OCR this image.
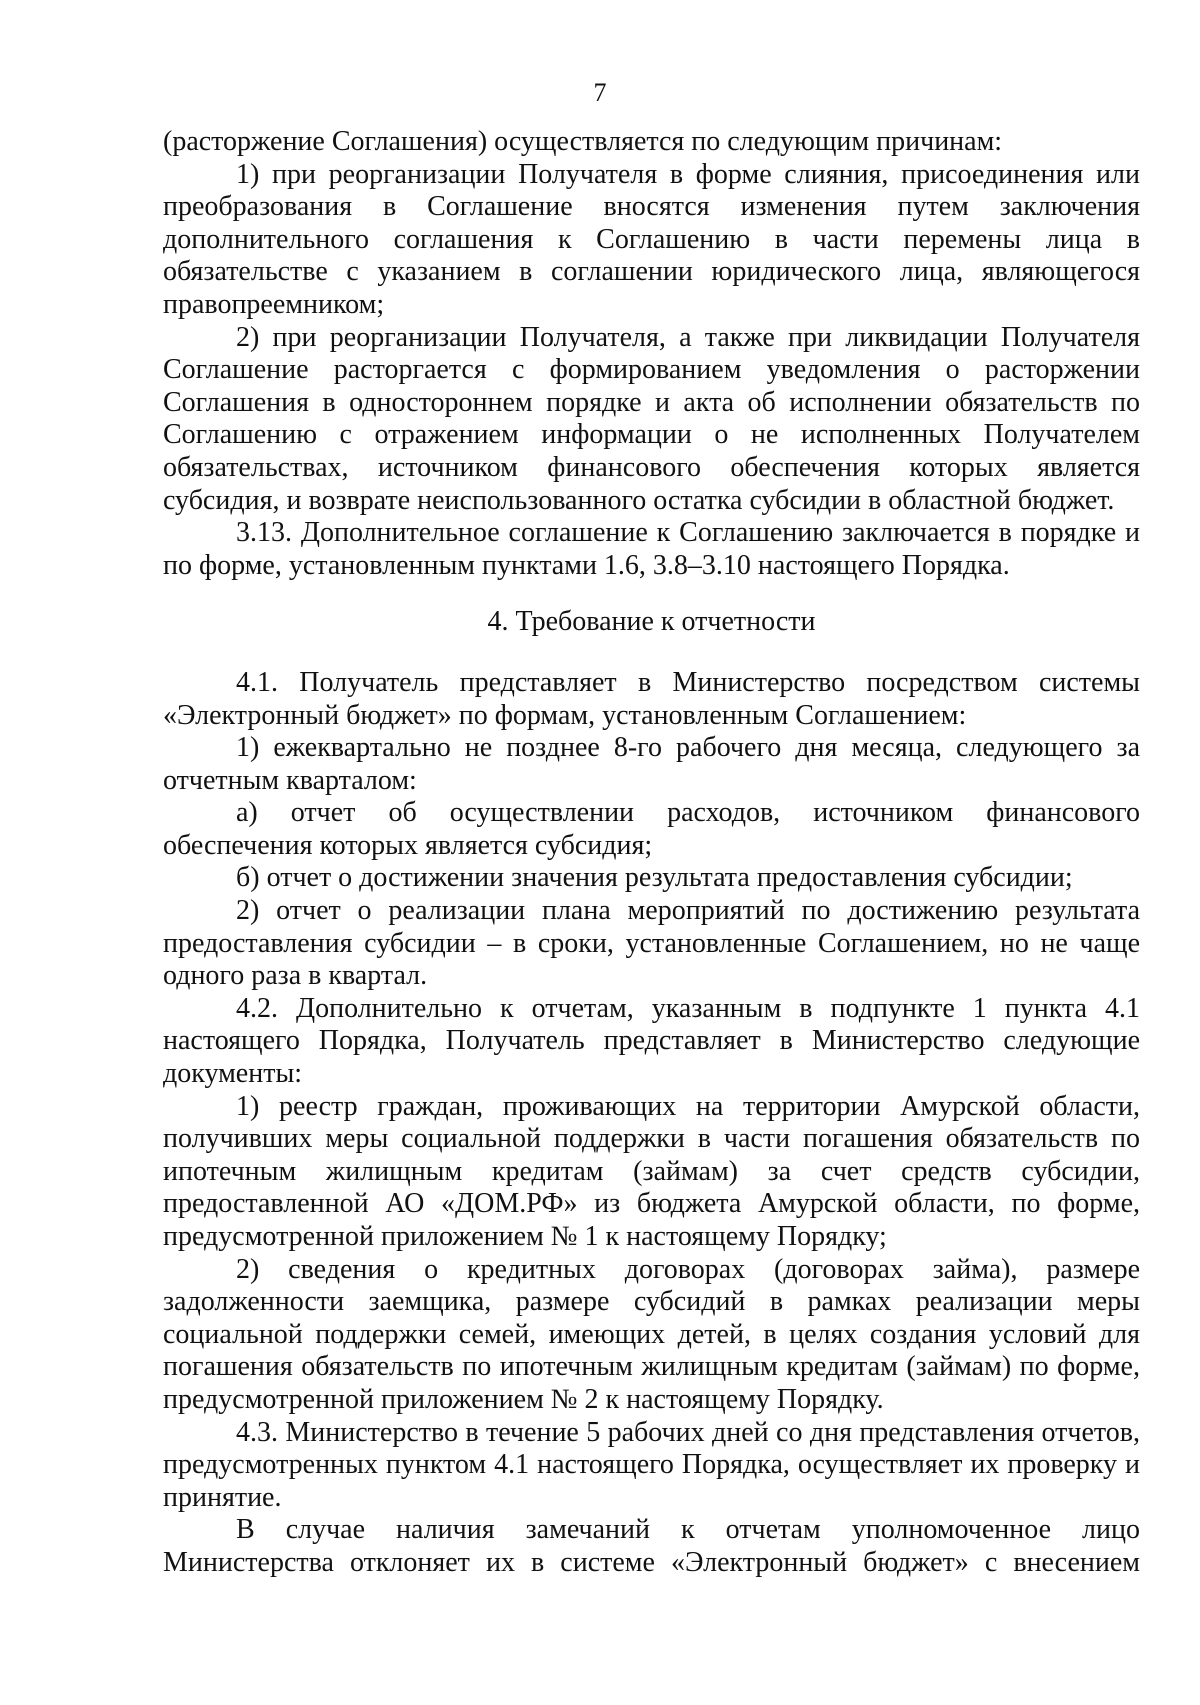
7

(расторжение Соглашения) осуществляется по следующим причинам:

1) при реорганизации Получателя в форме слияния, присоединения или преобразования в Соглашение вносятся изменения путем заключения дополнительного соглашения к Соглашению в части перемены лица в обязательстве с указанием в соглашении юридического лица, являющегося правопреемником;

2) при реорганизации Получателя, а также при ликвидации Получателя Соглашение расторгается с формированием уведомления о расторжении Соглашения в одностороннем порядке и акта об исполнении обязательств по Соглашению с отражением информации о не исполненных Получателем обязательствах, источником финансового обеспечения которых является субсидия, и возврате неиспользованного остатка субсидии в областной бюджет.

3.13. Дополнительное соглашение к Соглашению заключается в порядке и по форме, установленным пунктами 1.6, 3.8–3.10 настоящего Порядка.

4. Требование к отчетности

4.1. Получатель представляет в Министерство посредством системы «Электронный бюджет» по формам, установленным Соглашением:

1) ежеквартально не позднее 8-го рабочего дня месяца, следующего за отчетным кварталом:

а) отчет об осуществлении расходов, источником финансового обеспечения которых является субсидия;

б) отчет о достижении значения результата предоставления субсидии;

2) отчет о реализации плана мероприятий по достижению результата предоставления субсидии – в сроки, установленные Соглашением, но не чаще одного раза в квартал.

4.2. Дополнительно к отчетам, указанным в подпункте 1 пункта 4.1 настоящего Порядка, Получатель представляет в Министерство следующие документы:

1) реестр граждан, проживающих на территории Амурской области, получивших меры социальной поддержки в части погашения обязательств по ипотечным жилищным кредитам (займам) за счет средств субсидии, предоставленной АО «ДОМ.РФ» из бюджета Амурской области, по форме, предусмотренной приложением № 1 к настоящему Порядку;

2) сведения о кредитных договорах (договорах займа), размере задолженности заемщика, размере субсидий в рамках реализации меры социальной поддержки семей, имеющих детей, в целях создания условий для погашения обязательств по ипотечным жилищным кредитам (займам) по форме, предусмотренной приложением № 2 к настоящему Порядку.

4.3. Министерство в течение 5 рабочих дней со дня представления отчетов, предусмотренных пунктом 4.1 настоящего Порядка, осуществляет их проверку и принятие.

В случае наличия замечаний к отчетам уполномоченное лицо Министерства отклоняет их в системе «Электронный бюджет» с внесением
